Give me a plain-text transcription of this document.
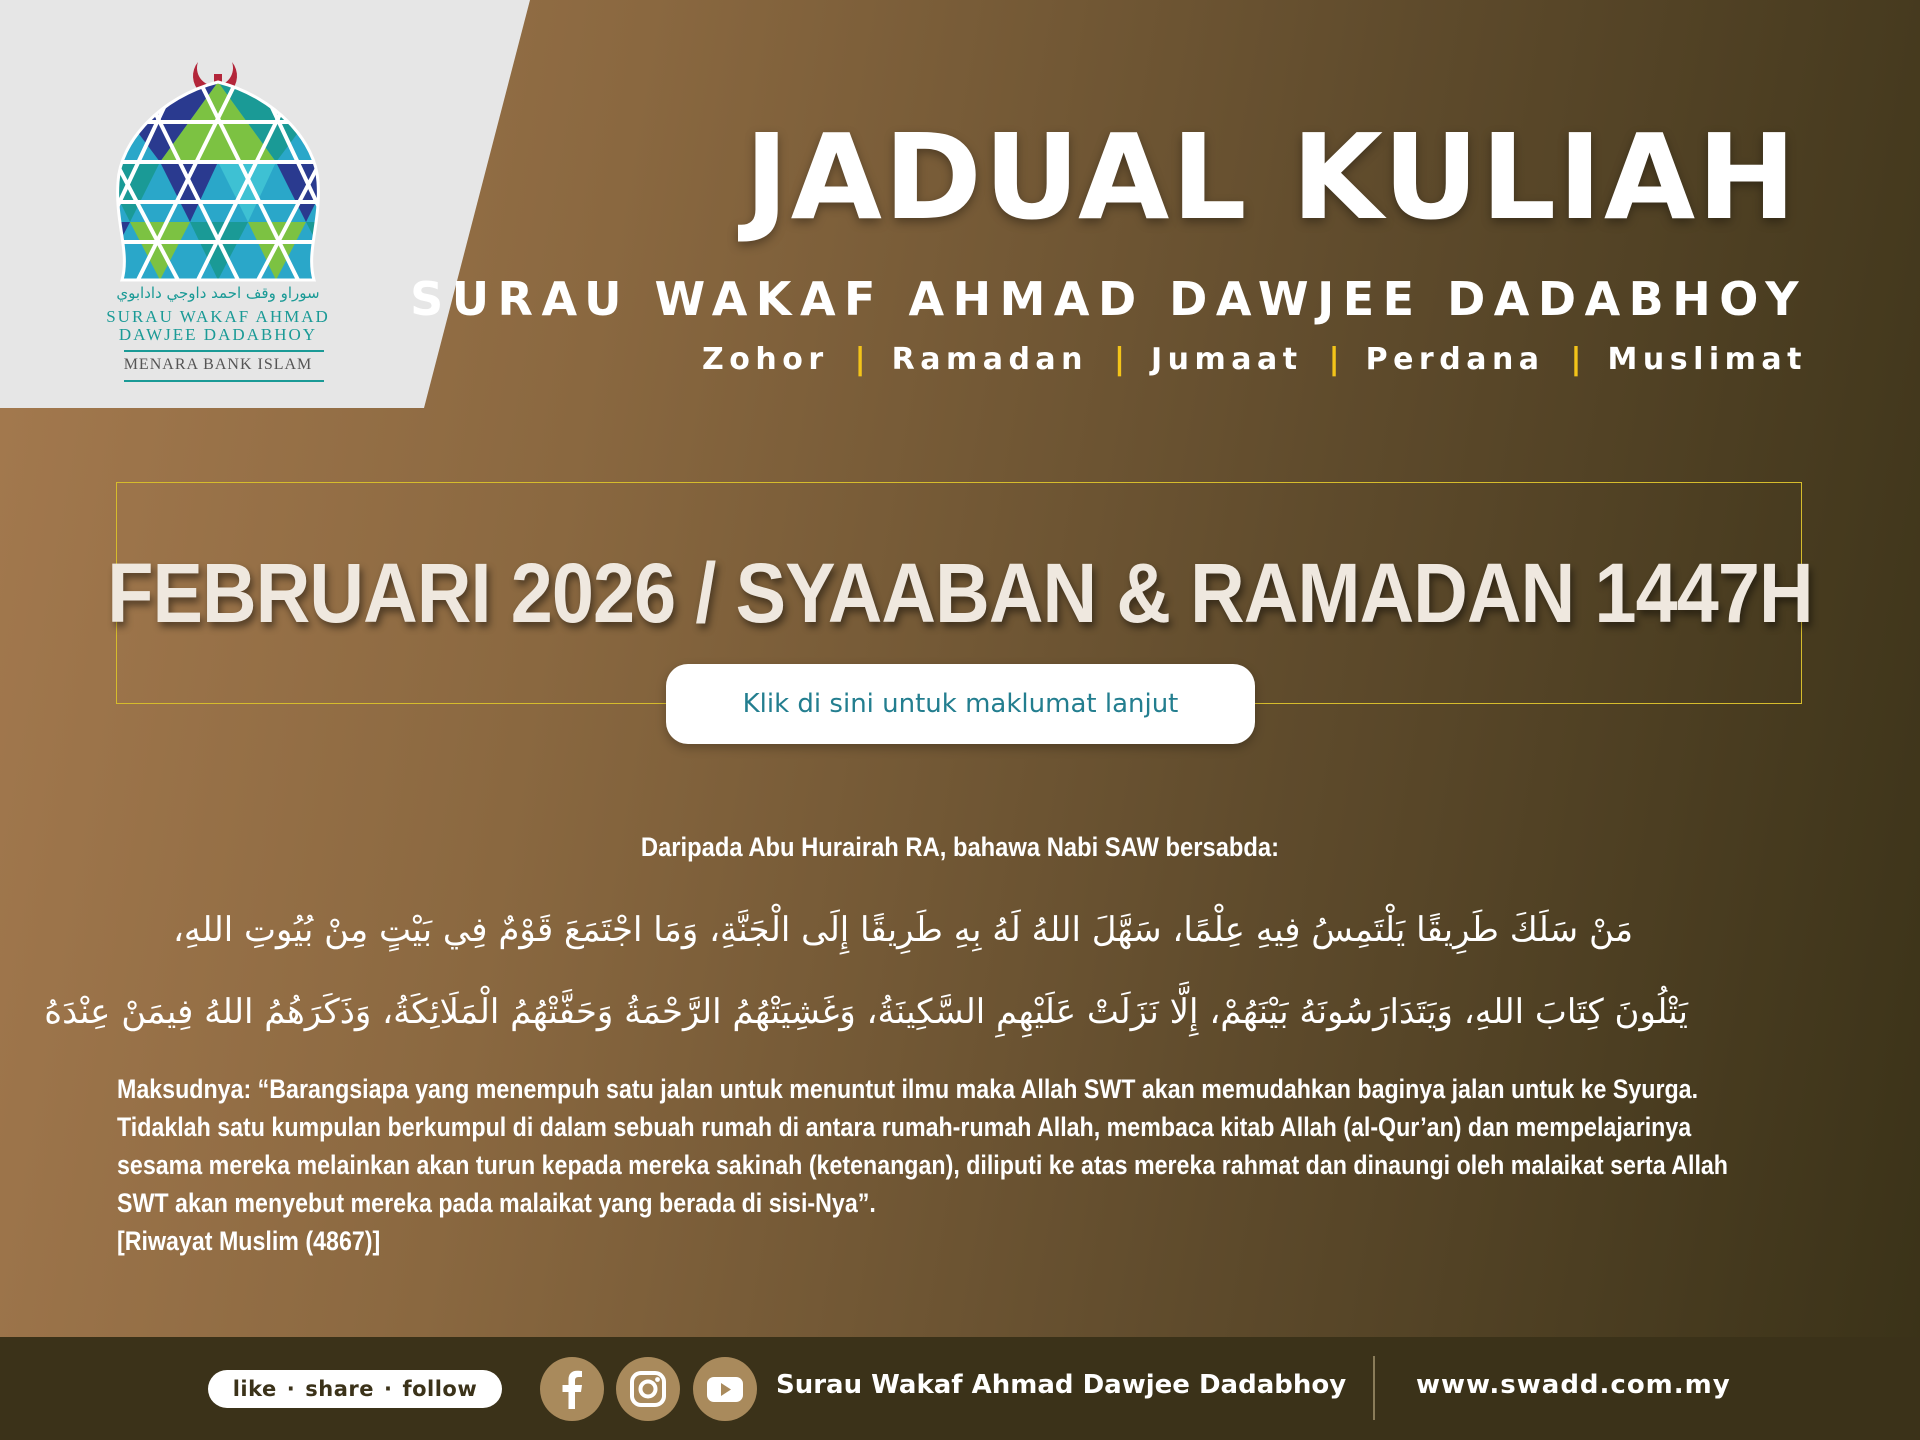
سوراو وقف احمد داوجي دادابوي
SURAU WAKAF AHMAD
DAWJEE DADABHOY
MENARA BANK ISLAM
JADUAL KULIAH
SURAU WAKAF AHMAD DAWJEE DADABHOY
Zohor | Ramadan | Jumaat | Perdana | Muslimat
FEBRUARI 2026 / SYAABAN & RAMADAN 1447H
Klik di sini untuk maklumat lanjut
Daripada Abu Hurairah RA, bahawa Nabi SAW bersabda:
مَنْ سَلَكَ طَرِيقًا يَلْتَمِسُ فِيهِ عِلْمًا، سَهَّلَ اللهُ لَهُ بِهِ طَرِيقًا إِلَى الْجَنَّةِ، وَمَا اجْتَمَعَ قَوْمٌ فِي بَيْتٍ مِنْ بُيُوتِ اللهِ،
يَتْلُونَ كِتَابَ اللهِ، وَيَتَدَارَسُونَهُ بَيْنَهُمْ، إِلَّا نَزَلَتْ عَلَيْهِمِ السَّكِينَةُ، وَغَشِيَتْهُمُ الرَّحْمَةُ وَحَفَّتْهُمُ الْمَلَائِكَةُ، وَذَكَرَهُمُ اللهُ فِيمَنْ عِنْدَهُ

Maksudnya: “Barangsiapa yang menempuh satu jalan untuk menuntut ilmu maka Allah SWT akan memudahkan baginya jalan untuk ke Syurga.

Tidaklah satu kumpulan berkumpul di dalam sebuah rumah di antara rumah-rumah Allah, membaca kitab Allah (al-Qur’an) dan mempelajarinya

sesama mereka melainkan akan turun kepada mereka sakinah (ketenangan), diliputi ke atas mereka rahmat dan dinaungi oleh malaikat serta Allah

SWT akan menyebut mereka pada malaikat yang berada di sisi-Nya”.

[Riwayat Muslim (4867)]

like · share · follow	Surau Wakaf Ahmad Dawjee Dadabhoy	www.swadd.com.my
